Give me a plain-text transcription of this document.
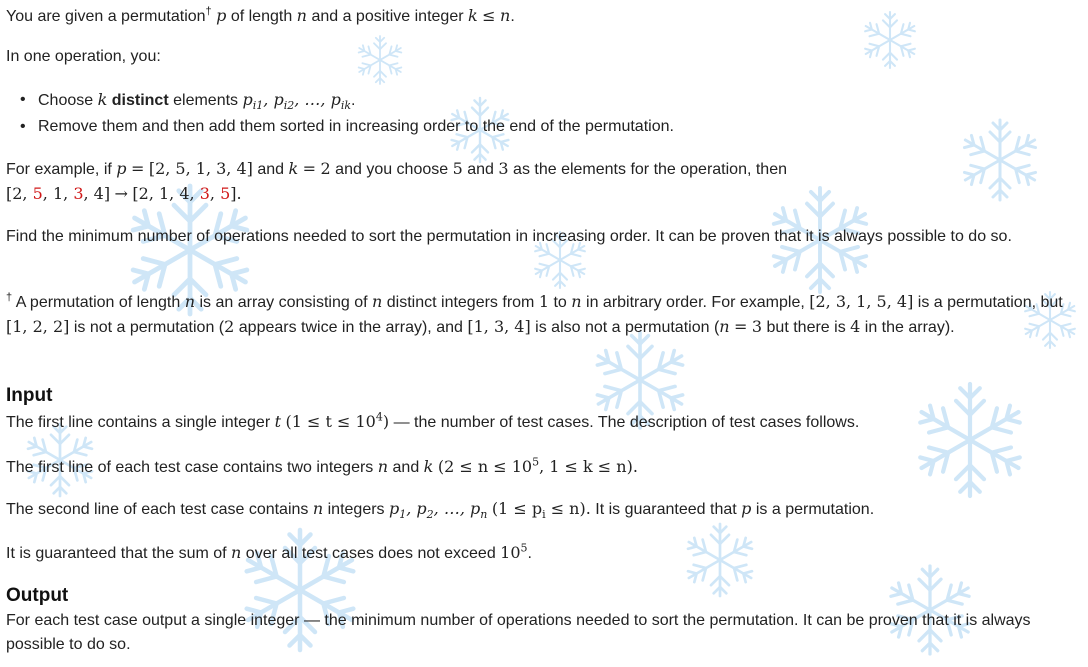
You are given a permutation† p of length n and a positive integer k ≤ n.

In one operation, you:

• Choose k distinct elements $p_{i1}$, $p_{i2}$, …, $p_{ik}$.
• Remove them and then add them sorted in increasing order to the end of the permutation.

For example, if p = [2, 5, 1, 3, 4] and k = 2 and you choose 5 and 3 as the elements for the operation, then
[2, 5, 1, 3, 4] → [2, 1, 4, 3, 5].

Find the minimum number of operations needed to sort the permutation in increasing order. It can be proven that it is always possible to do so.

† A permutation of length n is an array consisting of n distinct integers from 1 to n in arbitrary order. For example, [2, 3, 1, 5, 4] is a permutation, but [1, 2, 2] is not a permutation (2 appears twice in the array), and [1, 3, 4] is also not a permutation (n = 3 but there is 4 in the array).

Input

The first line contains a single integer t $(1 \le t \le 10^4)$ — the number of test cases. The description of test cases follows.

The first line of each test case contains two integers n and k ($2 \le n \le 10^5$, 1 ≤ k ≤ n).

The second line of each test case contains n integers $p_1$, $p_2$, …, $p_n$ $(1 \le p_i \le n)$. It is guaranteed that p is a permutation.

It is guaranteed that the sum of n over all test cases does not exceed $10^5$.

Output

For each test case output a single integer — the minimum number of operations needed to sort the permutation. It can be proven that it is always possible to do so.
